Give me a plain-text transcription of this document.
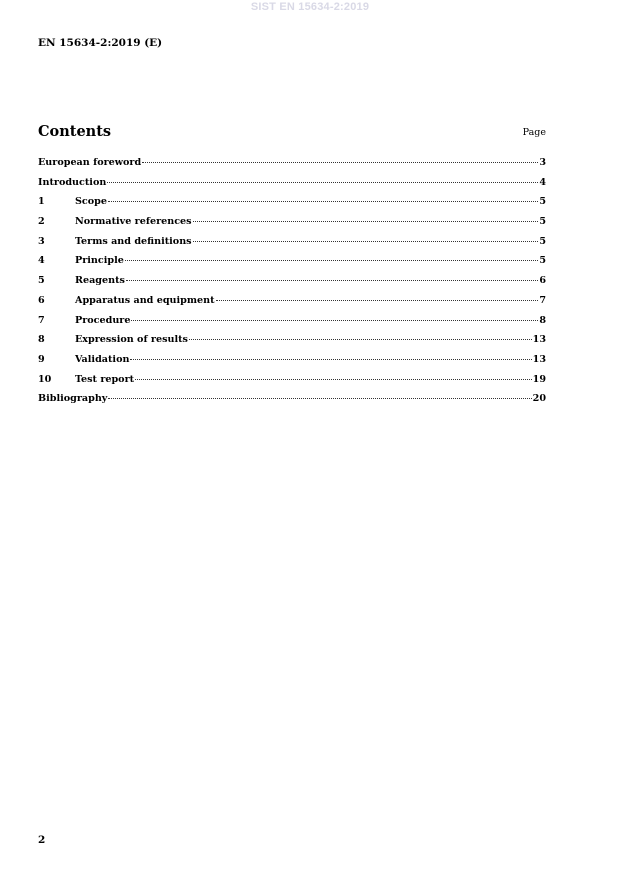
SIST EN 15634-2:2019
EN 15634-2:2019 (E)
Contents	Page
European foreword	3
Introduction	4
1	Scope	5
2	Normative references	5
3	Terms and definitions	5
4	Principle	5
5	Reagents	6
6	Apparatus and equipment	7
7	Procedure	8
8	Expression of results	13
9	Validation	13
10	Test report	19
Bibliography	20
2
